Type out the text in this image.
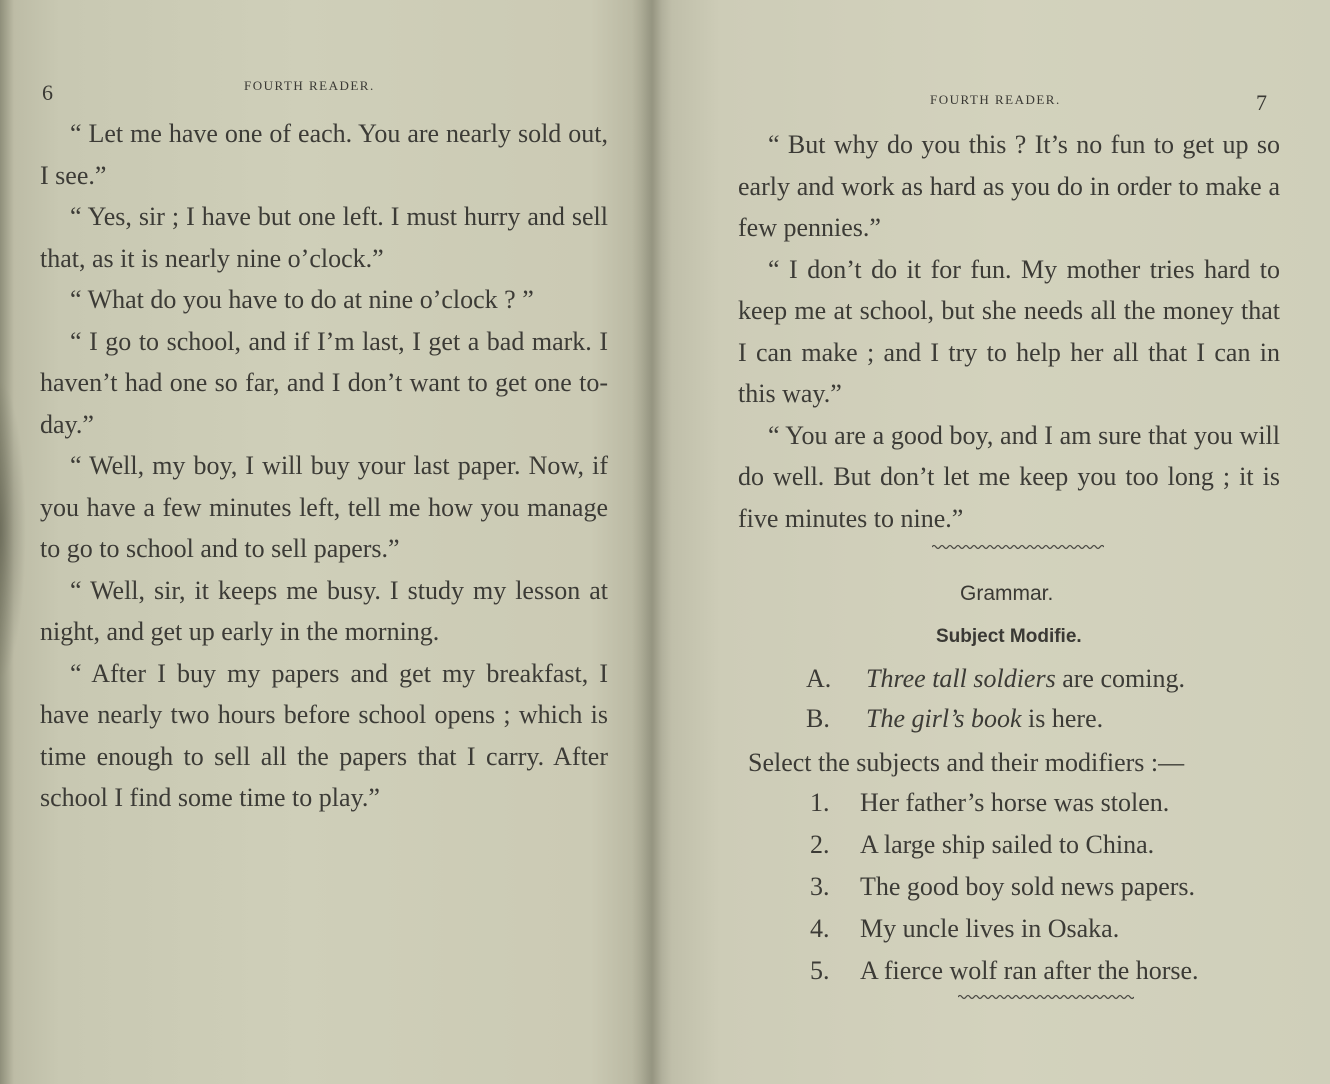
6	FOURTH READER.

“ Let me have one of each. You are nearly sold out, I see.”

“ Yes, sir ; I have but one left. I must hurry and sell that, as it is nearly nine o’clock.”

“ What do you have to do at nine o’clock ? ”

“ I go to school, and if I’m last, I get a bad mark. I haven’t had one so far, and I don’t want to get one to-day.”

“ Well, my boy, I will buy your last paper. Now, if you have a few minutes left, tell me how you manage to go to school and to sell papers.”

“ Well, sir, it keeps me busy. I study my lesson at night, and get up early in the morning.

“ After I buy my papers and get my breakfast, I have nearly two hours before school opens ; which is time enough to sell all the papers that I carry. After school I find some time to play.”

FOURTH READER.	7

“ But why do you this ? It’s no fun to get up so early and work as hard as you do in order to make a few pennies.”

“ I don’t do it for fun. My mother tries hard to keep me at school, but she needs all the money that I can make ; and I try to help her all that I can in this way.”

“ You are a good boy, and I am sure that you will do well. But don’t let me keep you too long ; it is five minutes to nine.”

Grammar.
Subject Modifie.
A. Three tall soldiers are coming.
B. The girl’s book is here.
Select the subjects and their modifiers :—
1. Her father’s horse was stolen.
2. A large ship sailed to China.
3. The good boy sold news papers.
4. My uncle lives in Osaka.
5. A fierce wolf ran after the horse.
